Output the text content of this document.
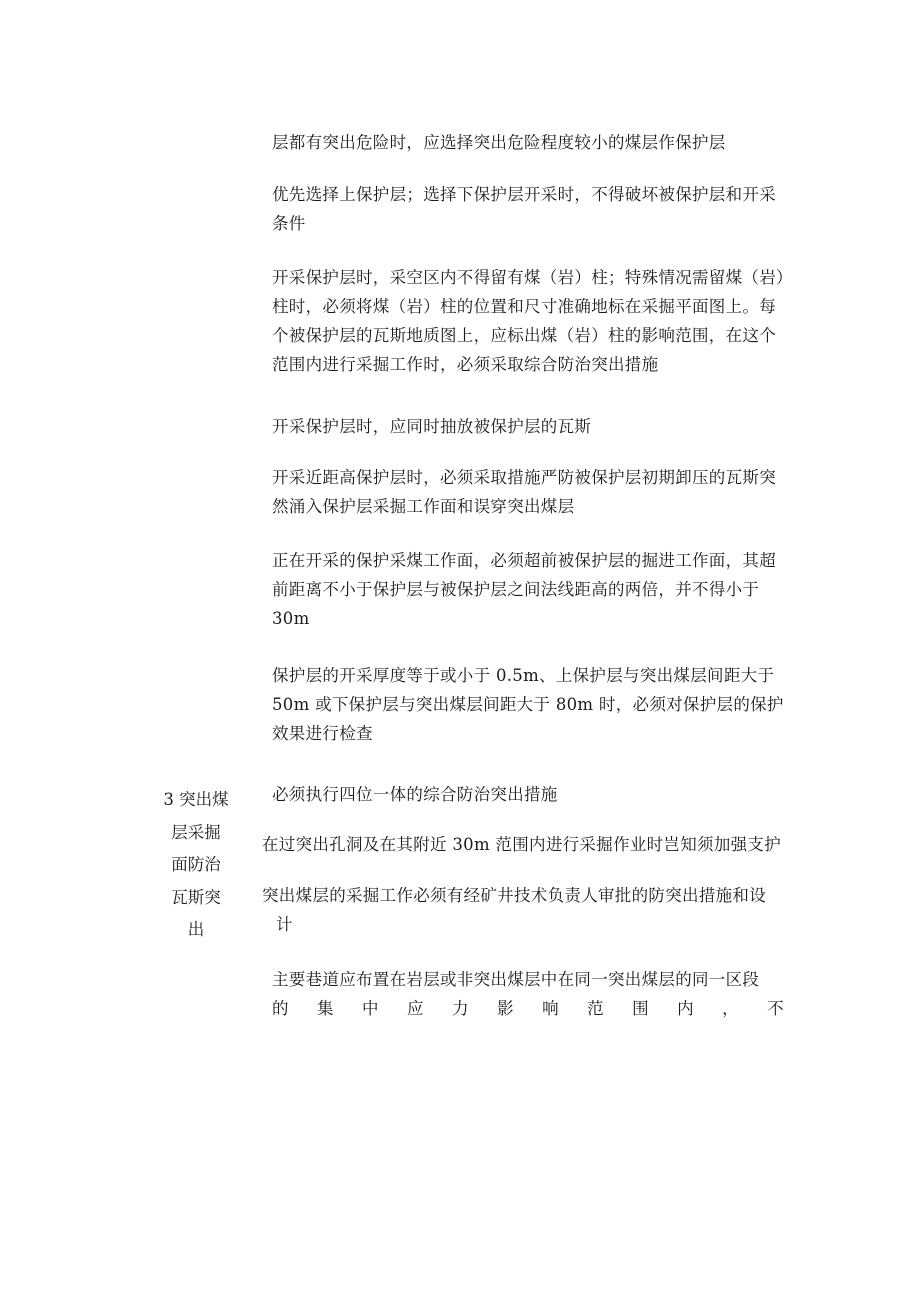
层都有突出危险时，应选择突出危险程度较小的煤层作保护层
优先选择上保护层；选择下保护层开采时，不得破坏被保护层和开采
条件
开采保护层时，采空区内不得留有煤（岩）柱；特殊情况需留煤（岩）
柱时，必须将煤（岩）柱的位置和尺寸准确地标在采掘平面图上。每
个被保护层的瓦斯地质图上，应标出煤（岩）柱的影响范围，在这个
范围内进行采掘工作时，必须采取综合防治突出措施
开采保护层时，应同时抽放被保护层的瓦斯
开采近距高保护层时，必须采取措施严防被保护层初期卸压的瓦斯突
然涌入保护层采掘工作面和误穿突出煤层
正在开采的保护采煤工作面，必须超前被保护层的掘进工作面，其超
前距离不小于保护层与被保护层之间法线距高的两倍，并不得小于
30m
保护层的开采厚度等于或小于 0.5m、上保护层与突出煤层间距大于
50m 或下保护层与突出煤层间距大于 80m 时，必须对保护层的保护
效果进行检查
3 突出煤
层采掘
面防治
瓦斯突
出
必须执行四位一体的综合防治突出措施
在过突出孔洞及在其附近 30m 范围内进行采掘作业时岂知须加强支护
突出煤层的采掘工作必须有经矿井技术负责人审批的防突出措施和设
计
主要巷道应布置在岩层或非突出煤层中在同一突出煤层的同一区段
的 集 中 应 力 影 响 范 围 内 ， 不
